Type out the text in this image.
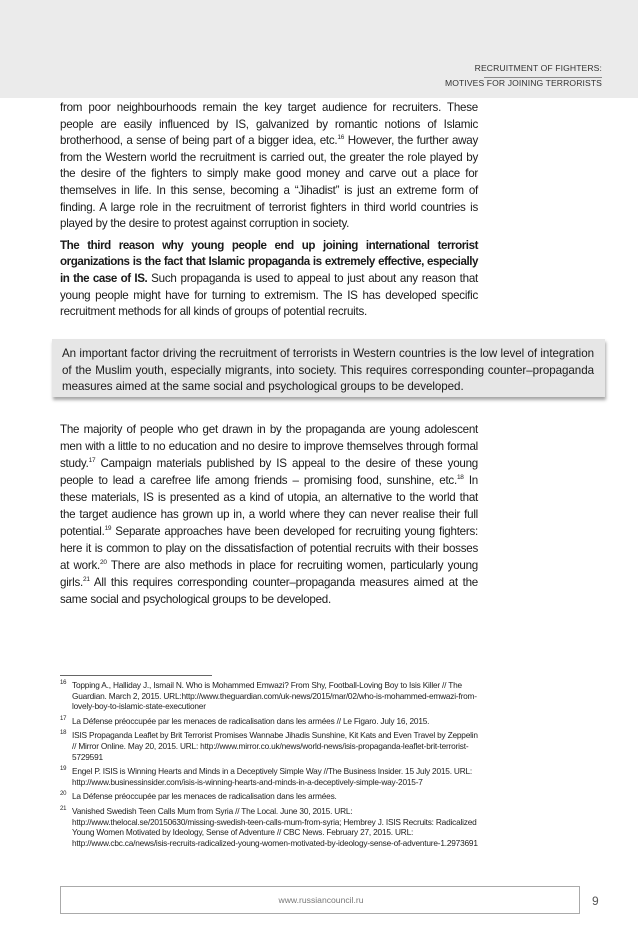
RECRUITMENT OF FIGHTERS:
MOTIVES FOR JOINING TERRORISTS

from poor neighbourhoods remain the key target audience for recruiters. These people are easily influenced by IS, galvanized by romantic notions of Islamic brotherhood, a sense of being part of a bigger idea, etc.$^{16}$ However, the further away from the Western world the recruitment is carried out, the greater the role played by the desire of the fighters to simply make good money and carve out a place for themselves in life. In this sense, becoming a “Jihadist” is just an extreme form of finding. A large role in the recruitment of terrorist fighters in third world countries is played by the desire to protest against corruption in society.

The third reason why young people end up joining international terrorist organizations is the fact that Islamic propaganda is extremely effective, especially in the case of IS. Such propaganda is used to appeal to just about any reason that young people might have for turning to extremism. The IS has developed specific recruitment methods for all kinds of groups of potential recruits.

An important factor driving the recruitment of terrorists in Western countries is the low level of integration of the Muslim youth, especially migrants, into society. This requires corresponding counter–propaganda measures aimed at the same social and psychological groups to be developed.

The majority of people who get drawn in by the propaganda are young adolescent men with a little to no education and no desire to improve themselves through formal study.$^{17}$ Campaign materials published by IS appeal to the desire of these young people to lead a carefree life among friends – promising food, sunshine, etc.$^{18}$ In these materials, IS is presented as a kind of utopia, an alternative to the world that the target audience has grown up in, a world where they can never realise their full potential.$^{19}$ Separate approaches have been developed for recruiting young fighters: here it is common to play on the dissatisfaction of potential recruits with their bosses at work.$^{20}$ There are also methods in place for recruiting women, particularly young girls.$^{21}$ All this requires corresponding counter–propaganda measures aimed at the same social and psychological groups to be developed.

16 Topping A., Halliday J., Ismail N. Who is Mohammed Emwazi? From Shy, Football-Loving Boy to Isis Killer // The Guardian. March 2, 2015. URL:http://www.theguardian.com/uk-news/2015/mar/02/who-is-mohammed-emwazi-from-lovely-boy-to-islamic-state-executioner
17 La Défense préoccupée par les menaces de radicalisation dans les armées // Le Figaro. July 16, 2015.
18 ISIS Propaganda Leaflet by Brit Terrorist Promises Wannabe Jihadis Sunshine, Kit Kats and Even Travel by Zeppelin // Mirror Online. May 20, 2015. URL: http://www.mirror.co.uk/news/world-news/isis-propaganda-leaflet-brit-terrorist-5729591
19 Engel P. ISIS is Winning Hearts and Minds in a Deceptively Simple Way //The Business Insider. 15 July 2015. URL: http://www.businessinsider.com/isis-is-winning-hearts-and-minds-in-a-deceptively-simple-way-2015-7
20 La Défense préoccupée par les menaces de radicalisation dans les armées.
21 Vanished Swedish Teen Calls Mum from Syria // The Local. June 30, 2015. URL: http://www.thelocal.se/20150630/missing-swedish-teen-calls-mum-from-syria; Hembrey J. ISIS Recruits: Radicalized Young Women Motivated by Ideology, Sense of Adventure // CBC News. February 27, 2015. URL: http://www.cbc.ca/news/isis-recruits-radicalized-young-women-motivated-by-ideology-sense-of-adventure-1.2973691
www.russiancouncil.ru	9
